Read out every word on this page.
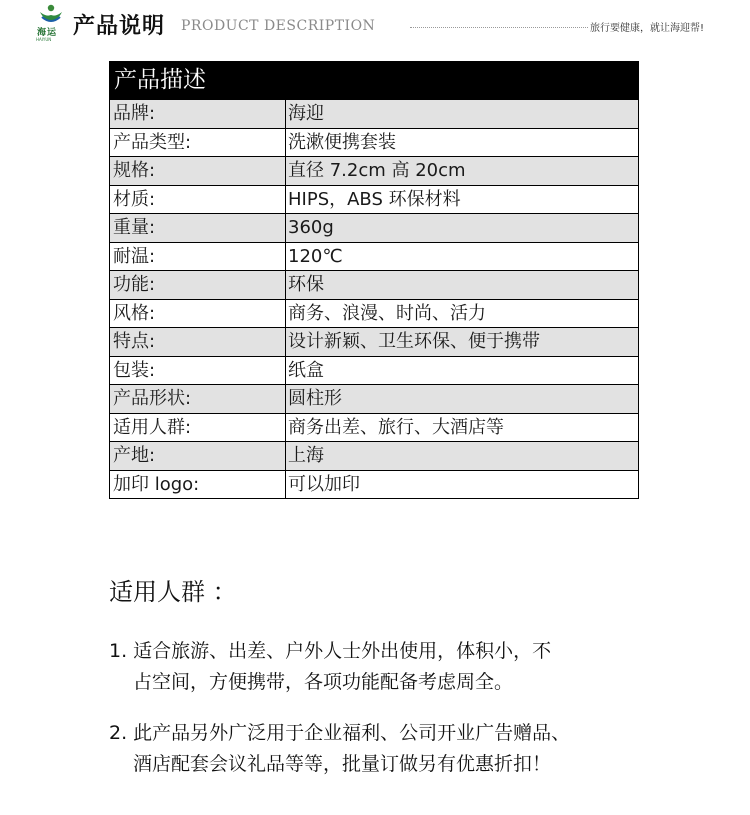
海运
HAIYUN
产品说明 PRODUCT DESCRIPTION	旅行要健康，就让海迎帮!
产品描述
品牌:	海迎
产品类型:	洗漱便携套装
规格:	直径 7.2cm 高 20cm
材质:	HIPS，ABS 环保材料
重量:	360g
耐温:	120℃
功能:	环保
风格:	商务、浪漫、时尚、活力
特点:	设计新颖、卫生环保、便于携带
包装:	纸盒
产品形状:	圆柱形
适用人群:	商务出差、旅行、大酒店等
产地:	上海
加印 logo:	可以加印
适用人群 ：
1. 适合旅游、出差、户外人士外出使用，体积小，不
占空间，方便携带，各项功能配备考虑周全。
2. 此产品另外广泛用于企业福利、公司开业广告赠品、
酒店配套会议礼品等等，批量订做另有优惠折扣！
